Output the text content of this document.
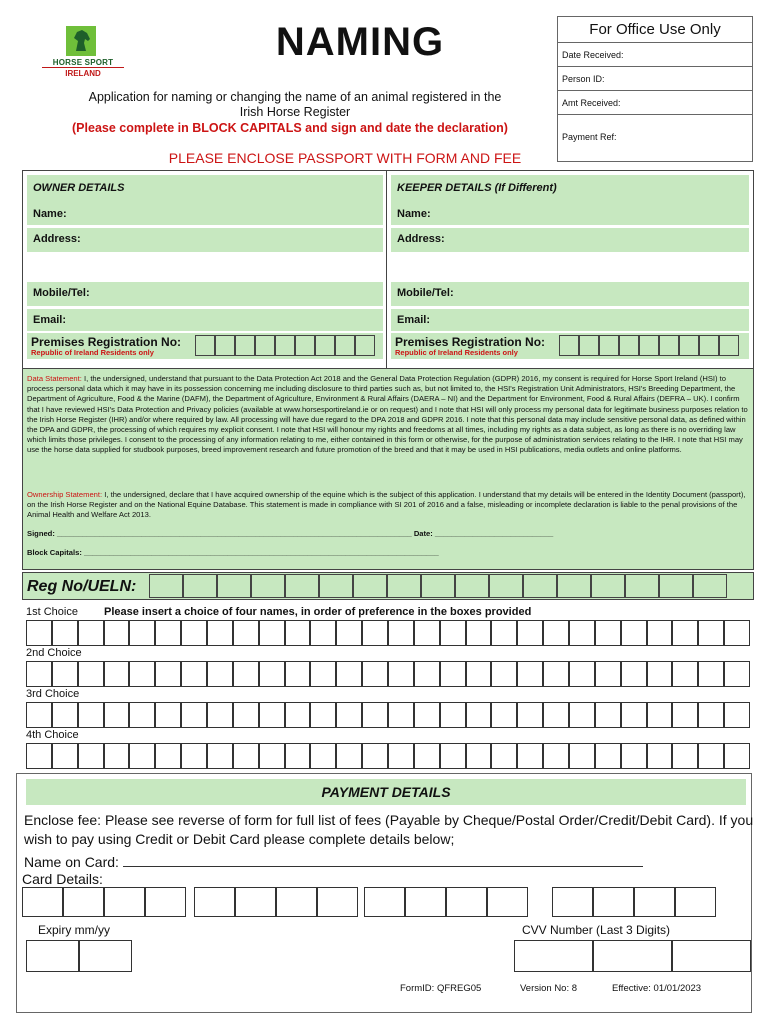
HORSE SPORT
IRELAND
NAMING	For Office Use Only
Date Received:
Person ID:
Amt Received:
Payment Ref:
Application for naming or changing the name of an animal registered in the
Irish Horse Register
(Please complete in BLOCK CAPITALS and sign and date the declaration)
PLEASE ENCLOSE PASSPORT WITH FORM AND FEE
OWNER DETAILS
Name:
Address:
Mobile/Tel:
Email:
Premises Registration No:
Republic of Ireland Residents only
KEEPER DETAILS (If Different)
Name:
Address:
Mobile/Tel:
Email:
Premises Registration No:
Republic of Ireland Residents only
Data Statement: I, the undersigned, understand that pursuant to the Data Protection Act 2018 and the General Data Protection Regulation (GDPR) 2016, my consent is required for Horse Sport Ireland (HSI) to process personal data which it may have in its possession concerning me including disclosure to third parties such as, but not limited to, the HSI's Registration Unit Administrators, HSI's Breeding Department, the Department of Agriculture, Food & the Marine (DAFM), the Department of Agriculture, Environment & Rural Affairs (DAERA – NI) and the Department for Environment, Food & Rural Affairs (DEFRA – UK). I confirm that I have reviewed HSI's Data Protection and Privacy policies (available at www.horsesportireland.ie or on request) and I note that HSI will only process my personal data for legitimate business purposes relation to the Irish Horse Register (IHR) and/or where required by law. All processing will have due regard to the DPA 2018 and GDPR 2016. I note that this personal data may include sensitive personal data, as defined within the DPA and GDPR, the processing of which requires my explicit consent. I note that HSI will honour my rights and freedoms at all times, including my rights as a data subject, as long as there is no overriding law which limits those privileges. I consent to the processing of any information relating to me, either contained in this form or otherwise, for the purpose of administration services relating to the IHR. I note that HSI may use the horse data supplied for studbook purposes, breed improvement research and future promotion of the breed and that it may be used in HSI publications, media outlets and online platforms.
Ownership Statement: I, the undersigned, declare that I have acquired ownership of the equine which is the subject of this application. I understand that my details will be entered in the Identity Document (passport), on the Irish Horse Register and on the National Equine Database. This statement is made in compliance with SI 201 of 2016 and a false, misleading or incomplete declaration is liable to the penal provisions of the Animal Health and Welfare Act 2013.
Signed: ____________________________________________________________________________________ Date: ____________________________
Block Capitals: ____________________________________________________________________________________
Reg No/UELN:
1st Choice Please insert a choice of four names, in order of preference in the boxes provided
2nd Choice
3rd Choice
4th Choice
PAYMENT DETAILS
Enclose fee: Please see reverse of form for full list of fees (Payable by Cheque/Postal Order/Credit/Debit Card). If you wish to pay using Credit or Debit Card please complete details below;
Name on Card:
Card Details:
Expiry mm/yy	CVV Number (Last 3 Digits)
FormID: QFREG05	Version No: 8	Effective: 01/01/2023
